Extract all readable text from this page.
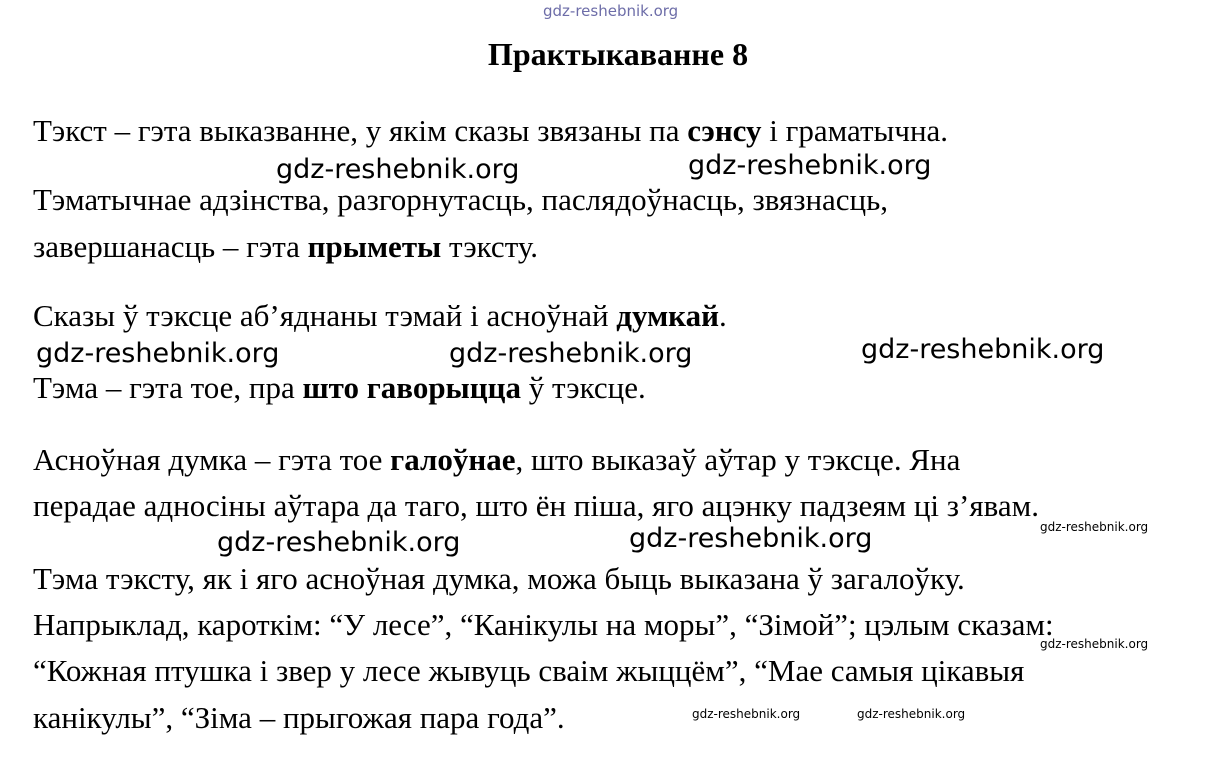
gdz-reshebnik.org
Практыкаванне 8
Тэкст – гэта выказванне, у якім сказы звязаны па сэнсу і граматычна.
Тэматычнае адзінства, разгорнутасць, паслядоўнасць, звязнасць,
завершанасць – гэта прыметы тэксту.
Сказы ў тэксце аб’яднаны тэмай і асноўнай думкай.
Тэма – гэта тое, пра што гаворыцца ў тэксце.
Асноўная думка – гэта тое галоўнае, што выказаў аўтар у тэксце. Яна
перадае адносіны аўтара да таго, што ён піша, яго ацэнку падзеям ці з’явам.
Тэма тэксту, як і яго асноўная думка, можа быць выказана ў загалоўку.
Напрыклад, кароткім: “У лесе”, “Канікулы на моры”, “Зімой”; цэлым сказам:
“Кожная птушка і звер у лесе жывуць сваім жыццём”, “Мае самыя цікавыя
канікулы”, “Зіма – прыгожая пара года”.
gdz-reshebnik.org	gdz-reshebnik.org
gdz-reshebnik.org	gdz-reshebnik.org	gdz-reshebnik.org
gdz-reshebnik.org	gdz-reshebnik.org	gdz-reshebnik.org
gdz-reshebnik.org
gdz-reshebnik.org	gdz-reshebnik.org
